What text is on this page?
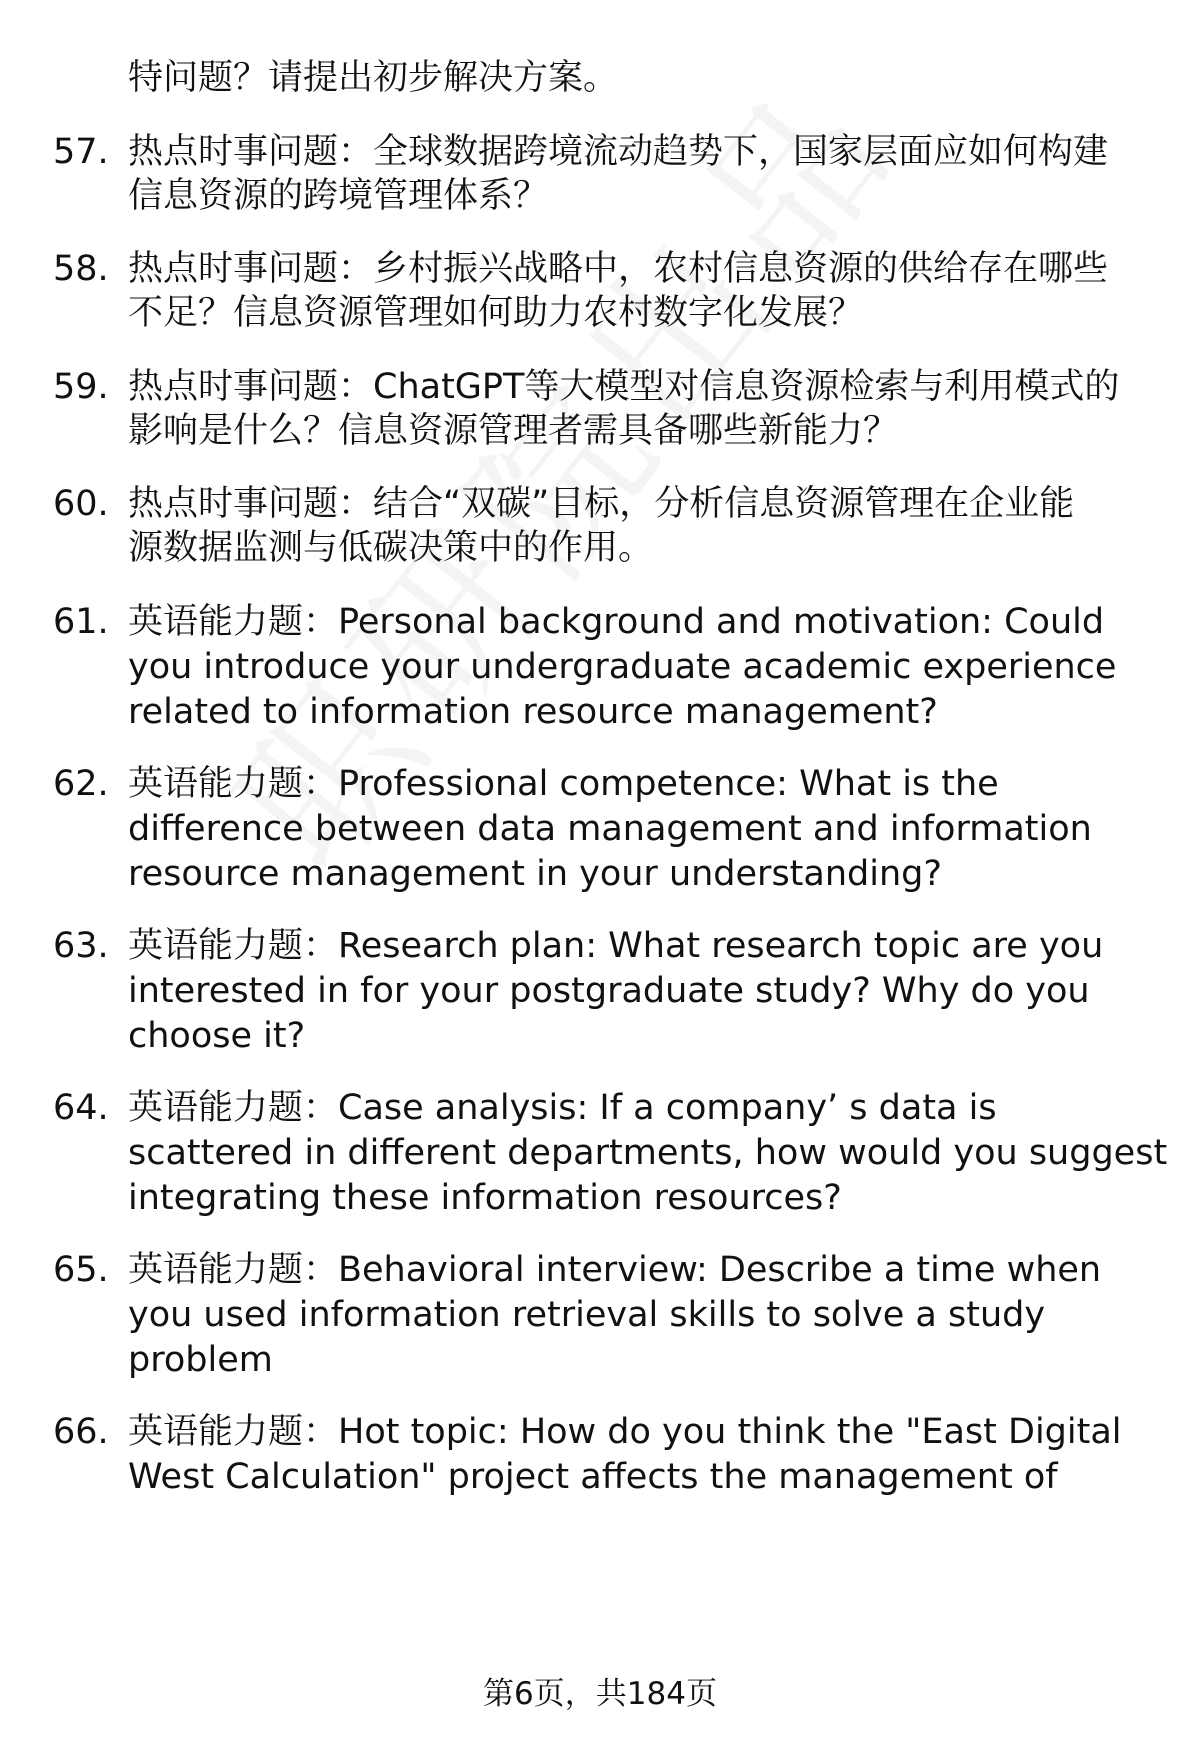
特问题？请提出初步解决方案。
57. 热点时事问题：全球数据跨境流动趋势下，国家层面应如何构建
信息资源的跨境管理体系？
58. 热点时事问题：乡村振兴战略中，农村信息资源的供给存在哪些
不足？信息资源管理如何助力农村数字化发展？
59. 热点时事问题：ChatGPT等大模型对信息资源检索与利用模式的
影响是什么？信息资源管理者需具备哪些新能力？
60. 热点时事问题：结合“双碳”目标，分析信息资源管理在企业能
源数据监测与低碳决策中的作用。
61. 英语能力题：Personal background and motivation: Could
you introduce your undergraduate academic experience
related to information resource management?
62. 英语能力题：Professional competence: What is the
difference between data management and information
resource management in your understanding?
63. 英语能力题：Research plan: What research topic are you
interested in for your postgraduate study? Why do you
choose it?
64. 英语能力题：Case analysis: If a company’ s data is
scattered in different departments, how would you suggest
integrating these information resources?
65. 英语能力题：Behavioral interview: Describe a time when
you used information retrieval skills to solve a study
problem
66. 英语能力题：Hot topic: How do you think the "East Digital
West Calculation" project affects the management of
第6页，共184页
